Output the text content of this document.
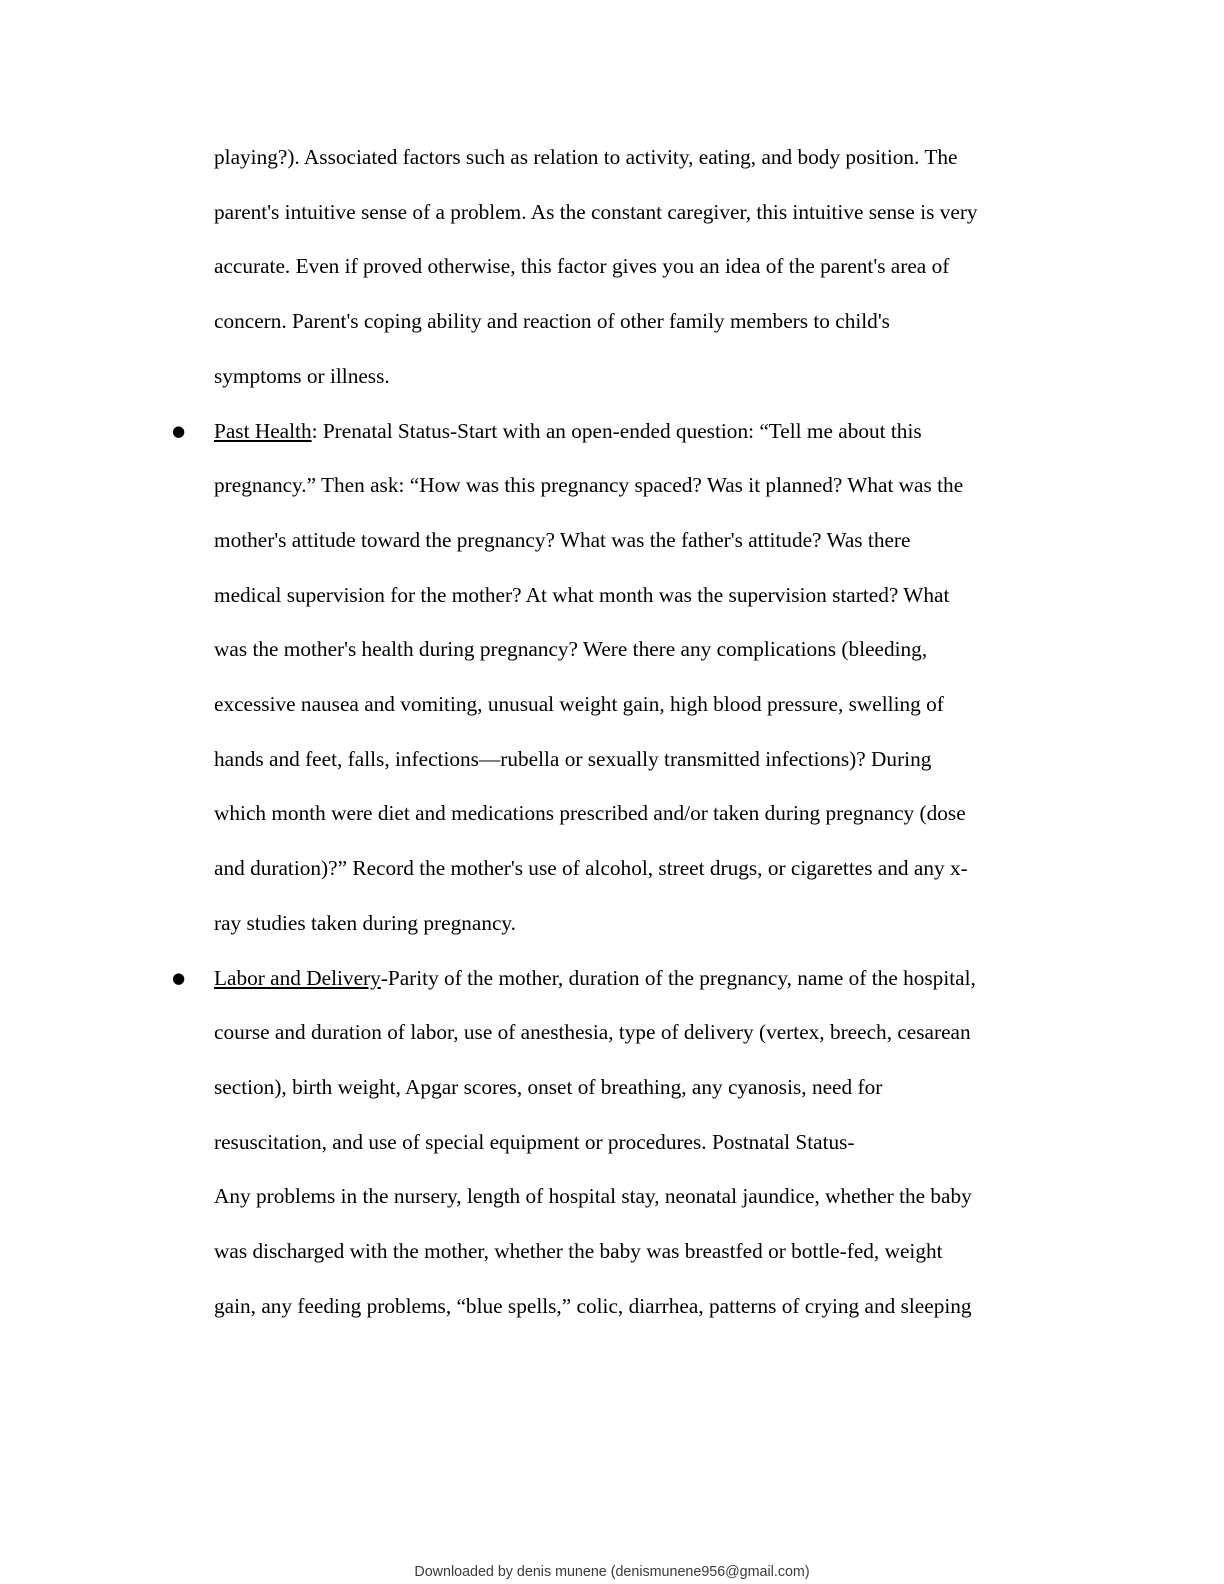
playing?). Associated factors such as relation to activity, eating, and body position. The
parent's intuitive sense of a problem. As the constant caregiver, this intuitive sense is very
accurate. Even if proved otherwise, this factor gives you an idea of the parent's area of
concern. Parent's coping ability and reaction of other family members to child's
symptoms or illness.
● Past Health: Prenatal Status-Start with an open-ended question: “Tell me about this
pregnancy.” Then ask: “How was this pregnancy spaced? Was it planned? What was the
mother's attitude toward the pregnancy? What was the father's attitude? Was there
medical supervision for the mother? At what month was the supervision started? What
was the mother's health during pregnancy? Were there any complications (bleeding,
excessive nausea and vomiting, unusual weight gain, high blood pressure, swelling of
hands and feet, falls, infections—rubella or sexually transmitted infections)? During
which month were diet and medications prescribed and/or taken during pregnancy (dose
and duration)?” Record the mother's use of alcohol, street drugs, or cigarettes and any x-
ray studies taken during pregnancy.
● Labor and Delivery-Parity of the mother, duration of the pregnancy, name of the hospital,
course and duration of labor, use of anesthesia, type of delivery (vertex, breech, cesarean
section), birth weight, Apgar scores, onset of breathing, any cyanosis, need for
resuscitation, and use of special equipment or procedures. Postnatal Status-
Any problems in the nursery, length of hospital stay, neonatal jaundice, whether the baby
was discharged with the mother, whether the baby was breastfed or bottle-fed, weight
gain, any feeding problems, “blue spells,” colic, diarrhea, patterns of crying and sleeping
Downloaded by denis munene (denismunene956@gmail.com)
